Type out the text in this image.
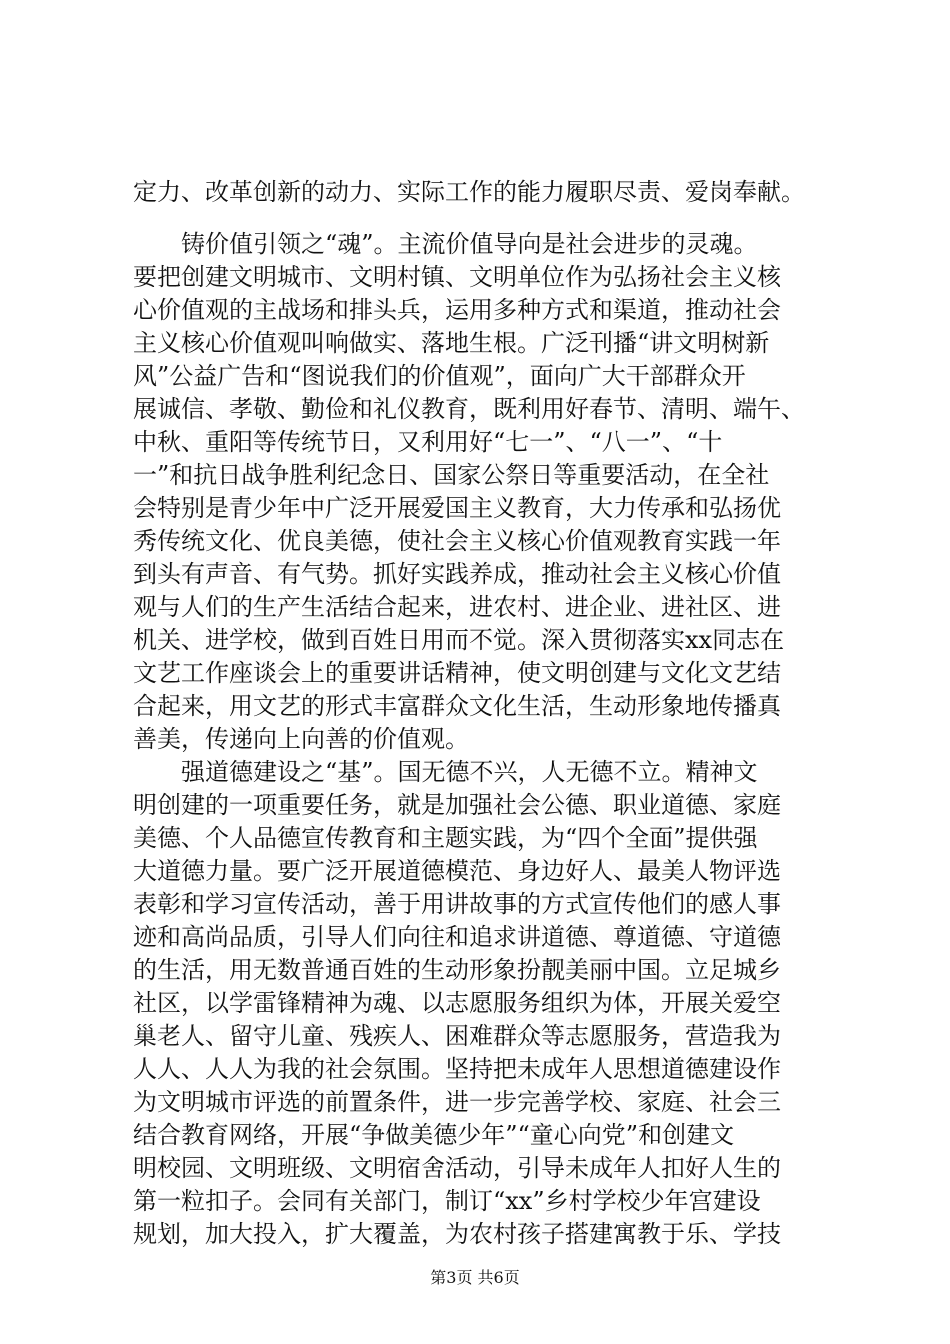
定力、改革创新的动力、实际工作的能力履职尽责、爱岗奉献。
　　铸价值引领之“魂”。主流价值导向是社会进步的灵魂。
要把创建文明城市、文明村镇、文明单位作为弘扬社会主义核
心价值观的主战场和排头兵，运用多种方式和渠道，推动社会
主义核心价值观叫响做实、落地生根。广泛刊播“讲文明树新
风”公益广告和“图说我们的价值观”，面向广大干部群众开
展诚信、孝敬、勤俭和礼仪教育，既利用好春节、清明、端午、
中秋、重阳等传统节日，又利用好“七一”、“八一”、“十
一”和抗日战争胜利纪念日、国家公祭日等重要活动，在全社
会特别是青少年中广泛开展爱国主义教育，大力传承和弘扬优
秀传统文化、优良美德，使社会主义核心价值观教育实践一年
到头有声音、有气势。抓好实践养成，推动社会主义核心价值
观与人们的生产生活结合起来，进农村、进企业、进社区、进
机关、进学校，做到百姓日用而不觉。深入贯彻落实xx同志在
文艺工作座谈会上的重要讲话精神，使文明创建与文化文艺结
合起来，用文艺的形式丰富群众文化生活，生动形象地传播真
善美，传递向上向善的价值观。
　　强道德建设之“基”。国无德不兴，人无德不立。精神文
明创建的一项重要任务，就是加强社会公德、职业道德、家庭
美德、个人品德宣传教育和主题实践，为“四个全面”提供强
大道德力量。要广泛开展道德模范、身边好人、最美人物评选
表彰和学习宣传活动，善于用讲故事的方式宣传他们的感人事
迹和高尚品质，引导人们向往和追求讲道德、尊道德、守道德
的生活，用无数普通百姓的生动形象扮靓美丽中国。立足城乡
社区，以学雷锋精神为魂、以志愿服务组织为体，开展关爱空
巢老人、留守儿童、残疾人、困难群众等志愿服务，营造我为
人人、人人为我的社会氛围。坚持把未成年人思想道德建设作
为文明城市评选的前置条件，进一步完善学校、家庭、社会三
结合教育网络，开展“争做美德少年”“童心向党”和创建文
明校园、文明班级、文明宿舍活动，引导未成年人扣好人生的
第一粒扣子。会同有关部门，制订“xx”乡村学校少年宫建设
规划，加大投入，扩大覆盖，为农村孩子搭建寓教于乐、学技
第3页 共6页
